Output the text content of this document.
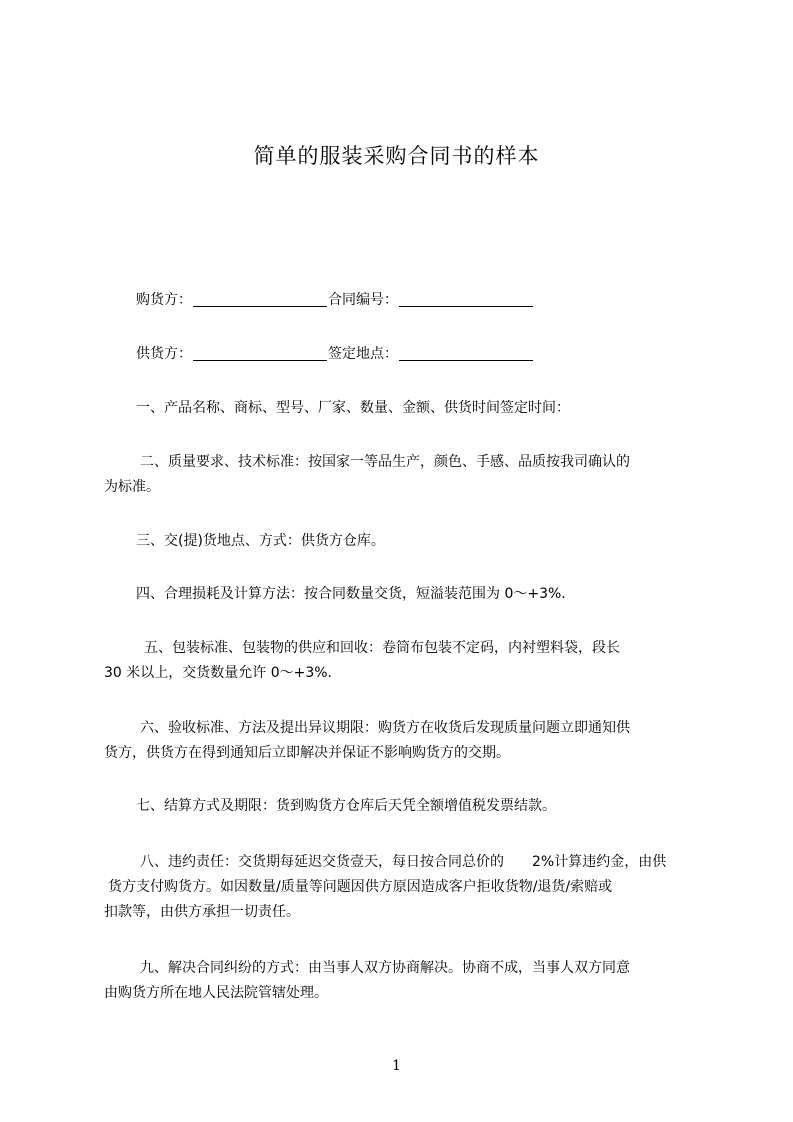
简单的服装采购合同书的样本
购货方：	合同编号：
供货方：	签定地点：
一、产品名称、商标、型号、厂家、数量、金额、供货时间签定时间：
二、质量要求、技术标准：按国家一等品生产，颜色、手感、品质按我司确认的
为标准。
三、交(提)货地点、方式：供货方仓库。
四、合理损耗及计算方法：按合同数量交货，短溢装范围为 0～+3%.
五、包装标准、包装物的供应和回收：卷筒布包装不定码，内衬塑料袋，段长
30 米以上，交货数量允许 0～+3%.
六、验收标准、方法及提出异议期限：购货方在收货后发现质量问题立即通知供
货方，供货方在得到通知后立即解决并保证不影响购货方的交期。
七、结算方式及期限：货到购货方仓库后天凭全额增值税发票结款。
八、违约责任：交货期每延迟交货壹天，每日按合同总价的　　2%计算违约金，由供
货方支付购货方。如因数量/质量等问题因供方原因造成客户拒收货物/退货/索赔或
扣款等，由供方承担一切责任。
九、解决合同纠纷的方式：由当事人双方协商解决。协商不成，当事人双方同意
由购货方所在地人民法院管辖处理。
1
